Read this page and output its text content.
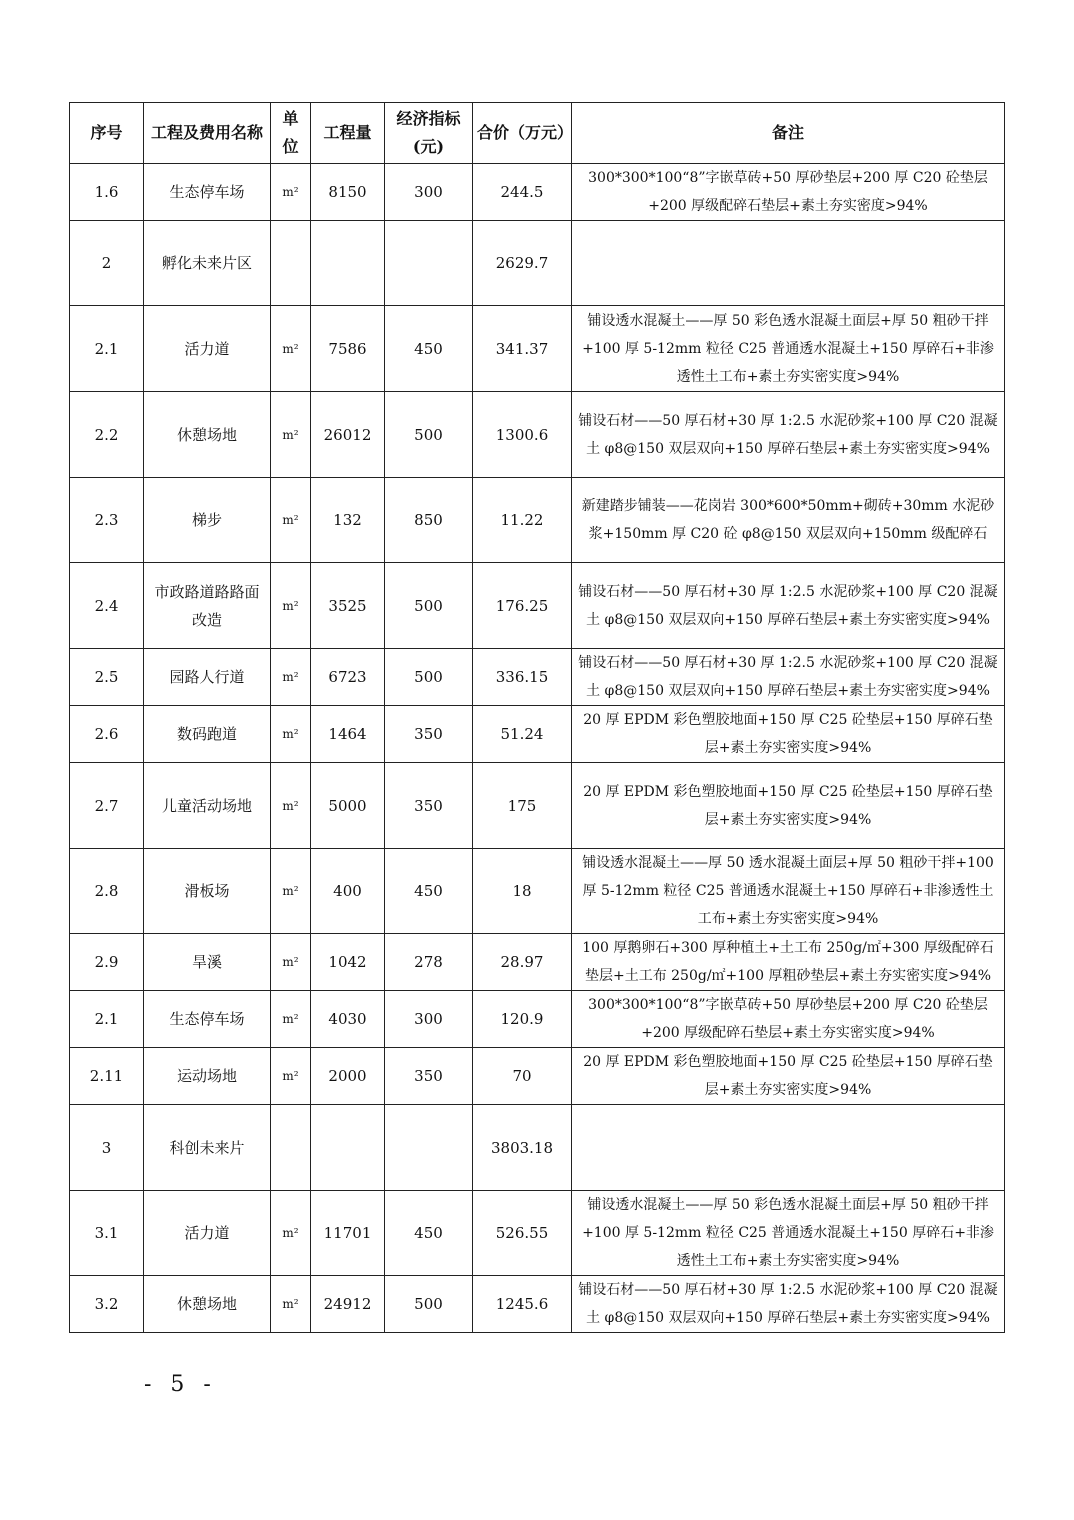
序号	工程及费用名称	单位	工程量	经济指标(元)	合价（万元）	备注
1.6	生态停车场	m²	8150	300	244.5	300*300*100“8”字嵌草砖+50 厚砂垫层+200 厚 C20 砼垫层+200 厚级配碎石垫层+素土夯实密度>94%
2	孵化未来片区				2629.7	
2.1	活力道	m²	7586	450	341.37	铺设透水混凝土——厚 50 彩色透水混凝土面层+厚 50 粗砂干拌+100 厚 5-12mm 粒径 C25 普通透水混凝土+150 厚碎石+非渗透性土工布+素土夯实密实度>94%
2.2	休憩场地	m²	26012	500	1300.6	铺设石材——50 厚石材+30 厚 1:2.5 水泥砂浆+100 厚 C20 混凝土 φ8@150 双层双向+150 厚碎石垫层+素土夯实密实度>94%
2.3	梯步	m²	132	850	11.22	新建踏步铺装——花岗岩 300*600*50mm+砌砖+30mm 水泥砂浆+150mm 厚 C20 砼 φ8@150 双层双向+150mm 级配碎石
2.4	市政路道路路面改造	m²	3525	500	176.25	铺设石材——50 厚石材+30 厚 1:2.5 水泥砂浆+100 厚 C20 混凝土 φ8@150 双层双向+150 厚碎石垫层+素土夯实密实度>94%
2.5	园路人行道	m²	6723	500	336.15	铺设石材——50 厚石材+30 厚 1:2.5 水泥砂浆+100 厚 C20 混凝土 φ8@150 双层双向+150 厚碎石垫层+素土夯实密实度>94%
2.6	数码跑道	m²	1464	350	51.24	20 厚 EPDM 彩色塑胶地面+150 厚 C25 砼垫层+150 厚碎石垫层+素土夯实密实度>94%
2.7	儿童活动场地	m²	5000	350	175	20 厚 EPDM 彩色塑胶地面+150 厚 C25 砼垫层+150 厚碎石垫层+素土夯实密实度>94%
2.8	滑板场	m²	400	450	18	铺设透水混凝土——厚 50 透水混凝土面层+厚 50 粗砂干拌+100 厚 5-12mm 粒径 C25 普通透水混凝土+150 厚碎石+非渗透性土工布+素土夯实密实度>94%
2.9	旱溪	m²	1042	278	28.97	100 厚鹅卵石+300 厚种植土+土工布 250g/㎡+300 厚级配碎石垫层+土工布 250g/㎡+100 厚粗砂垫层+素土夯实密实度>94%
2.1	生态停车场	m²	4030	300	120.9	300*300*100“8”字嵌草砖+50 厚砂垫层+200 厚 C20 砼垫层+200 厚级配碎石垫层+素土夯实密实度>94%
2.11	运动场地	m²	2000	350	70	20 厚 EPDM 彩色塑胶地面+150 厚 C25 砼垫层+150 厚碎石垫层+素土夯实密实度>94%
3	科创未来片				3803.18	
3.1	活力道	m²	11701	450	526.55	铺设透水混凝土——厚 50 彩色透水混凝土面层+厚 50 粗砂干拌+100 厚 5-12mm 粒径 C25 普通透水混凝土+150 厚碎石+非渗透性土工布+素土夯实密实度>94%
3.2	休憩场地	m²	24912	500	1245.6	铺设石材——50 厚石材+30 厚 1:2.5 水泥砂浆+100 厚 C20 混凝土 φ8@150 双层双向+150 厚碎石垫层+素土夯实密实度>94%
- 5 -
